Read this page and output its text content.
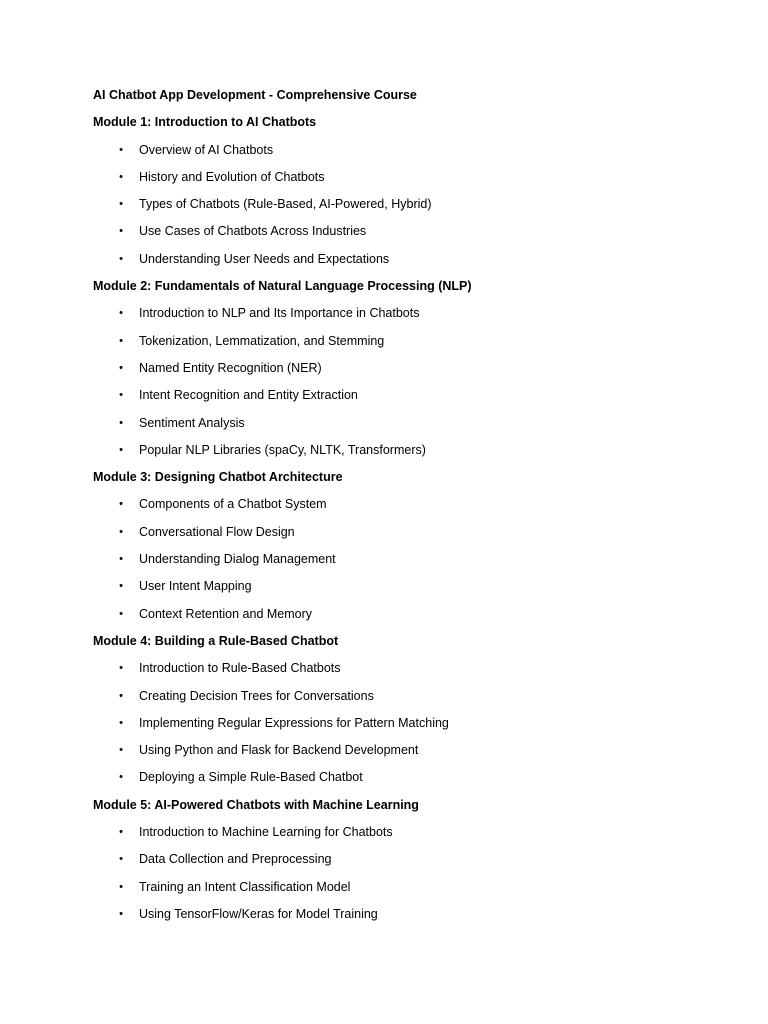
AI Chatbot App Development - Comprehensive Course
Module 1: Introduction to AI Chatbots
• Overview of AI Chatbots
• History and Evolution of Chatbots
• Types of Chatbots (Rule-Based, AI-Powered, Hybrid)
• Use Cases of Chatbots Across Industries
• Understanding User Needs and Expectations
Module 2: Fundamentals of Natural Language Processing (NLP)
• Introduction to NLP and Its Importance in Chatbots
• Tokenization, Lemmatization, and Stemming
• Named Entity Recognition (NER)
• Intent Recognition and Entity Extraction
• Sentiment Analysis
• Popular NLP Libraries (spaCy, NLTK, Transformers)
Module 3: Designing Chatbot Architecture
• Components of a Chatbot System
• Conversational Flow Design
• Understanding Dialog Management
• User Intent Mapping
• Context Retention and Memory
Module 4: Building a Rule-Based Chatbot
• Introduction to Rule-Based Chatbots
• Creating Decision Trees for Conversations
• Implementing Regular Expressions for Pattern Matching
• Using Python and Flask for Backend Development
• Deploying a Simple Rule-Based Chatbot
Module 5: AI-Powered Chatbots with Machine Learning
• Introduction to Machine Learning for Chatbots
• Data Collection and Preprocessing
• Training an Intent Classification Model
• Using TensorFlow/Keras for Model Training
